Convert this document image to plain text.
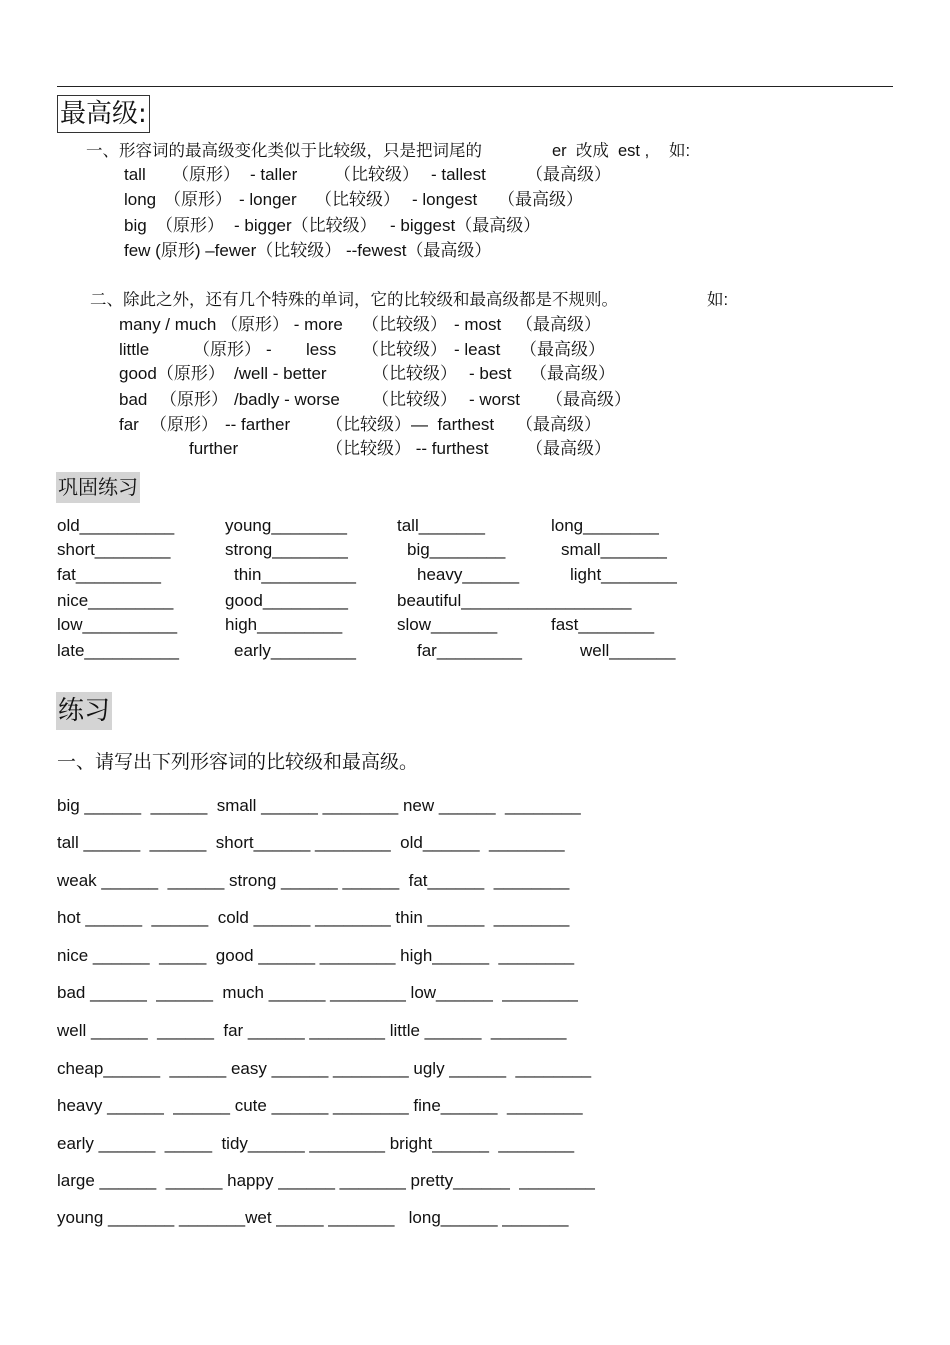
最高级:
一、形容词的最高级变化类似于比较级，只是把词尾的	er  改成  est , 如:
tall （原形） - taller （比较级） - tallest （最高级）
long （原形） - longer （比较级） - longest （最高级）
big （原形） - bigger（比较级） - biggest（最高级）
few (原形) –fewer（比较级） --fewest（最高级）
二、除此之外，还有几个特殊的单词，它的比较级和最高级都是不规则。	如:
many / much （原形） - more （比较级） - most （最高级）
little	（原形） - less （比较级） - least （最高级）
good（原形） /well - better	（比较级） - best （最高级）
bad （原形） /badly - worse （比较级） - worst （最高级）
far （原形） -- farther （比较级）—  farthest （最高级）
further	（比较级） -- furthest （最高级）
巩固练习
old__________	young________	tall_______	long________
short________	strong________	big________	small_______
fat_________	thin__________	heavy______	light________
nice_________	good_________	beautiful__________________
low__________	high_________	slow_______	fast________
late__________	early_________	far_________	well_______
练习
一、请写出下列形容词的比较级和最高级。
big ______  ______  small ______ ________ new ______  ________
tall ______  ______  short______ ________  old______  ________
weak ______  ______ strong ______ ______  fat______  ________
hot ______  ______  cold ______ ________ thin ______  ________
nice ______  _____  good ______ ________ high______  ________
bad ______  ______  much ______ ________ low______  ________
well ______  ______  far ______ ________ little ______  ________
cheap______  ______ easy ______ ________ ugly ______  ________
heavy ______  ______ cute ______ ________ fine______  ________
early ______  _____  tidy______ ________ bright______  ________
large ______  ______ happy ______ _______ pretty______  ________
young _______ _______wet _____ _______   long______ _______
